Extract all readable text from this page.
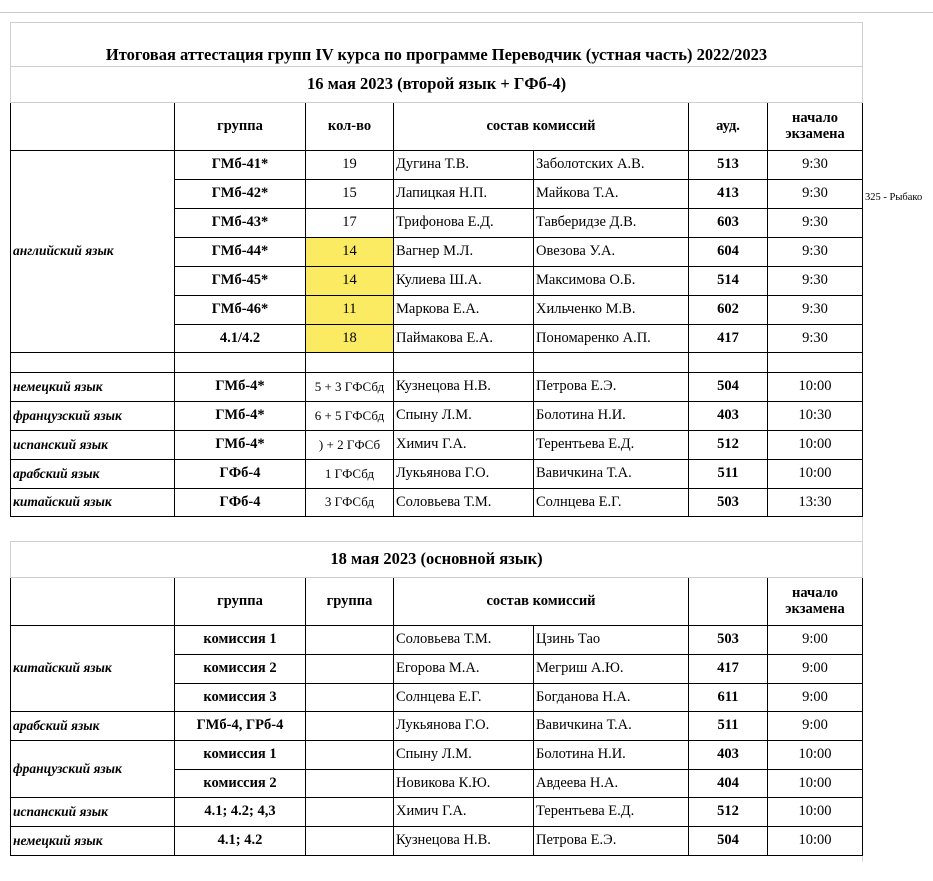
Итоговая аттестация групп IV курса по программе Переводчик (устная часть) 2022/2023						
16 мая 2023 (второй язык + ГФб-4)						
	группа	кол-во	состав комиссий		ауд.	начало
экзамена

английский язык	ГМб-41*	19	Дугина Т.В.	Заболотских А.В.	513	9:30
	ГМб-42*	15	Лапицкая Н.П.	Майкова Т.А.	413	9:30
	ГМб-43*	17	Трифонова Е.Д.	Тавберидзе Д.В.	603	9:30
	ГМб-44*	14	Вагнер М.Л.	Овезова У.А.	604	9:30
	ГМб-45*	14	Кулиева Ш.А.	Максимова О.Б.	514	9:30
	ГМб-46*	11	Маркова Е.А.	Хильченко М.В.	602	9:30
	4.1/4.2	18	Паймакова Е.А.	Пономаренко А.П.	417	9:30

немецкий язык	ГМб-4*	5 + 3 ГФСбд	Кузнецова Н.В.	Петрова Е.Э.	504	10:00
французский язык	ГМб-4*	6 + 5 ГФСбд	Спыну Л.М.	Болотина Н.И.	403	10:30
испанский язык	ГМб-4*	) + 2 ГФСб	Химич Г.А.	Терентьева Е.Д.	512	10:00
арабский язык	ГФб-4	1 ГФСбд	Лукьянова Г.О.	Вавичкина Т.А.	511	10:00
китайский язык	ГФб-4	3 ГФСбд	Соловьева Т.М.	Солнцева Е.Г.	503	13:30
325 - Рыбако
18 мая 2023 (основной язык)						
	группа	группа	состав комиссий			начало
экзамена

китайский язык	комиссия 1		Соловьева Т.М.	Цзинь Тао	503	9:00
	комиссия 2		Егорова М.А.	Мегриш А.Ю.	417	9:00
	комиссия 3		Солнцева Е.Г.	Богданова Н.А.	611	9:00
арабский язык	ГМб-4, ГРб-4		Лукьянова Г.О.	Вавичкина Т.А.	511	9:00
французский язык	комиссия 1		Спыну Л.М.	Болотина Н.И.	403	10:00
	комиссия 2		Новикова К.Ю.	Авдеева Н.А.	404	10:00
испанский язык	4.1; 4.2; 4,3		Химич Г.А.	Терентьева Е.Д.	512	10:00
немецкий язык	4.1; 4.2		Кузнецова Н.В.	Петрова Е.Э.	504	10:00
